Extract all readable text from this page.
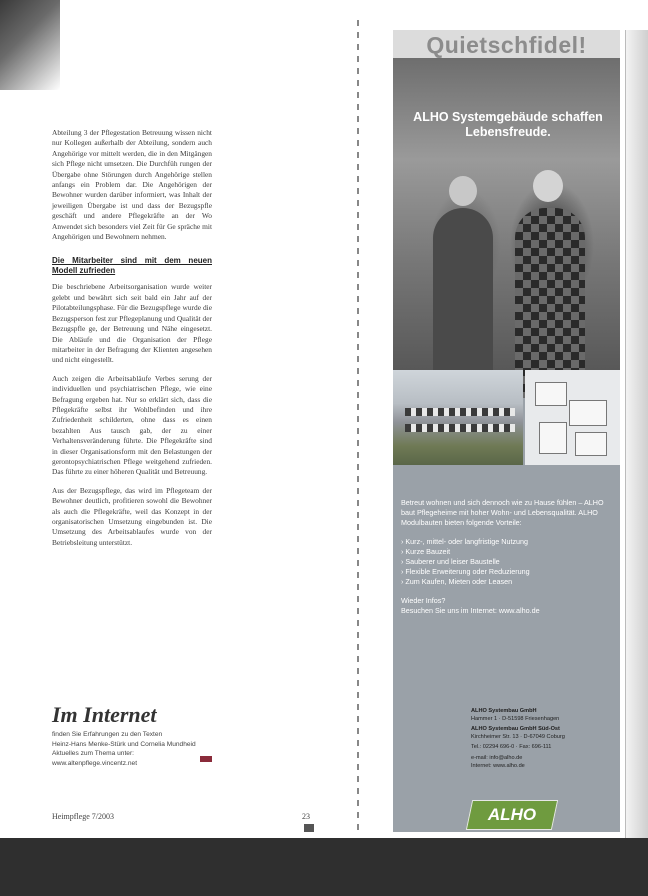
Abteilung 3 der Pflegestation Betreuung wissen nicht nur Kollegen außerhalb der Abteilung, sondern auch Angehörige vor mittelt werden, die in den Mitgängen sich Pflege nicht umsetzen. Die Durchfüh rungen der Übergabe ohne Störungen durch Angehörige stellen anfangs ein Problem dar. Die Angehörigen der Bewohner wurden darüber informiert, was Inhalt der jeweiligen Übergabe ist und dass der Bezugspfle geschäft und andere Pflegekräfte an der Wo Anwendet sich besonders viel Zeit für Ge spräche mit Angehörigen und Bewohnern nehmen.

Die Mitarbeiter sind mit dem neuen Modell zufrieden

Die beschriebene Arbeitsorganisation wurde weiter gelebt und bewährt sich seit bald ein Jahr auf der Pilotabteilungsphase. Für die Bezugspflege wurde die Bezugsperson fest zur Pflegeplanung und Qualität der Bezugspfle ge, der Betreuung und Nähe eingesetzt. Die Abläufe und die Organisation der Pflege mitarbeiter in der Befragung der Klienten angesehen und nicht eingestellt.

Auch zeigen die Arbeitsabläufe Verbes serung der individuellen und psychiatrischen Pflege, wie eine Befragung ergeben hat. Nur so erklärt sich, dass die Pflegekräfte selbst ihr Wohlbefinden und ihre Zufriedenheit schilderten, ohne dass es einen bezahlten Aus tausch gab, der zu einer Verhaltensveränderung führte. Die Pflegekräfte sind in dieser Organisationsform mit den Belastungen der gerontopsychiatrischen Pflege weitgehend zufrieden. Das führte zu einer höheren Qualität und Betreuung.

Aus der Bezugspflege, das wird im Pflegeteam der Bewohner deutlich, profitieren sowohl die Bewohner als auch die Pflegekräfte, weil das Konzept in der organisatorischen Umsetzung eingebunden ist. Die Umsetzung des Arbeitsablaufes wurde von der Betriebsleitung unterstützt.

Im Internet
finden Sie Erfahrungen zu den Texten
Heinz-Hans Menke-Stürk und Cornelia Mundheid
Aktuelles zum Thema unter:
www.altenpflege.vincentz.net
Heimpflege 7/2003	23
ALHO Systemgebäude schaffen Lebensfreude.
Quietschfidel!

Betreut wohnen und sich dennoch wie zu Hause fühlen – ALHO baut Pflegeheime mit hoher Wohn- und Lebensqualität. ALHO Modulbauten bieten folgende Vorteile:

› Kurz-, mittel- oder langfristige Nutzung
› Kurze Bauzeit
› Sauberer und leiser Baustelle
› Flexible Erweiterung oder Reduzierung
› Zum Kaufen, Mieten oder Leasen
Wieder Infos?
Besuchen Sie uns im Internet: www.alho.de
ALHO Systembau GmbH
Hammer 1 · D-51598 Friesenhagen
ALHO Systembau GmbH Süd-Ost
Kirchheimer Str. 13 · D-67049 Coburg
Tel.: 02294 696-0 · Fax: 696-111
e-mail: info@alho.de
Internet: www.alho.de
ALHO
